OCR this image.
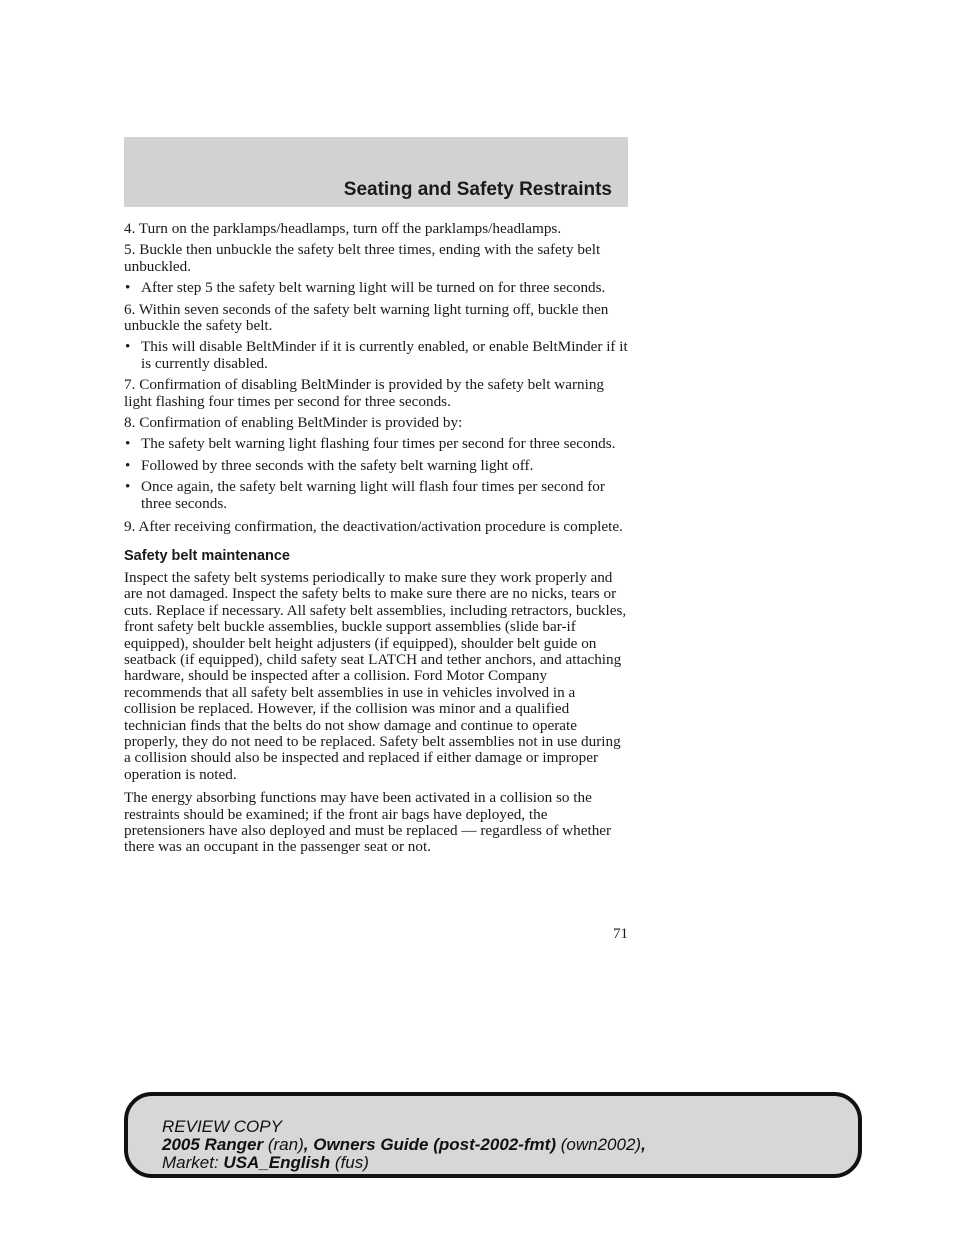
Seating and Safety Restraints

4. Turn on the parklamps/headlamps, turn off the parklamps/headlamps.

5. Buckle then unbuckle the safety belt three times, ending with the safety belt unbuckled.

• After step 5 the safety belt warning light will be turned on for three seconds.

6. Within seven seconds of the safety belt warning light turning off, buckle then unbuckle the safety belt.

• This will disable BeltMinder if it is currently enabled, or enable BeltMinder if it is currently disabled.

7. Confirmation of disabling BeltMinder is provided by the safety belt warning light flashing four times per second for three seconds.

8. Confirmation of enabling BeltMinder is provided by:

• The safety belt warning light flashing four times per second for three seconds.
• Followed by three seconds with the safety belt warning light off.
• Once again, the safety belt warning light will flash four times per second for three seconds.

9. After receiving confirmation, the deactivation/activation procedure is complete.

Safety belt maintenance

Inspect the safety belt systems periodically to make sure they work properly and are not damaged. Inspect the safety belts to make sure there are no nicks, tears or cuts. Replace if necessary. All safety belt assemblies, including retractors, buckles, front safety belt buckle assemblies, buckle support assemblies (slide bar-if equipped), shoulder belt height adjusters (if equipped), shoulder belt guide on seatback (if equipped), child safety seat LATCH and tether anchors, and attaching hardware, should be inspected after a collision. Ford Motor Company recommends that all safety belt assemblies in use in vehicles involved in a collision be replaced. However, if the collision was minor and a qualified technician finds that the belts do not show damage and continue to operate properly, they do not need to be replaced. Safety belt assemblies not in use during a collision should also be inspected and replaced if either damage or improper operation is noted.

The energy absorbing functions may have been activated in a collision so the restraints should be examined; if the front air bags have deployed, the pretensioners have also deployed and must be replaced — regardless of whether there was an occupant in the passenger seat or not.

71
REVIEW COPY
2005 Ranger (ran), Owners Guide (post-2002-fmt) (own2002),
Market: USA_English (fus)
